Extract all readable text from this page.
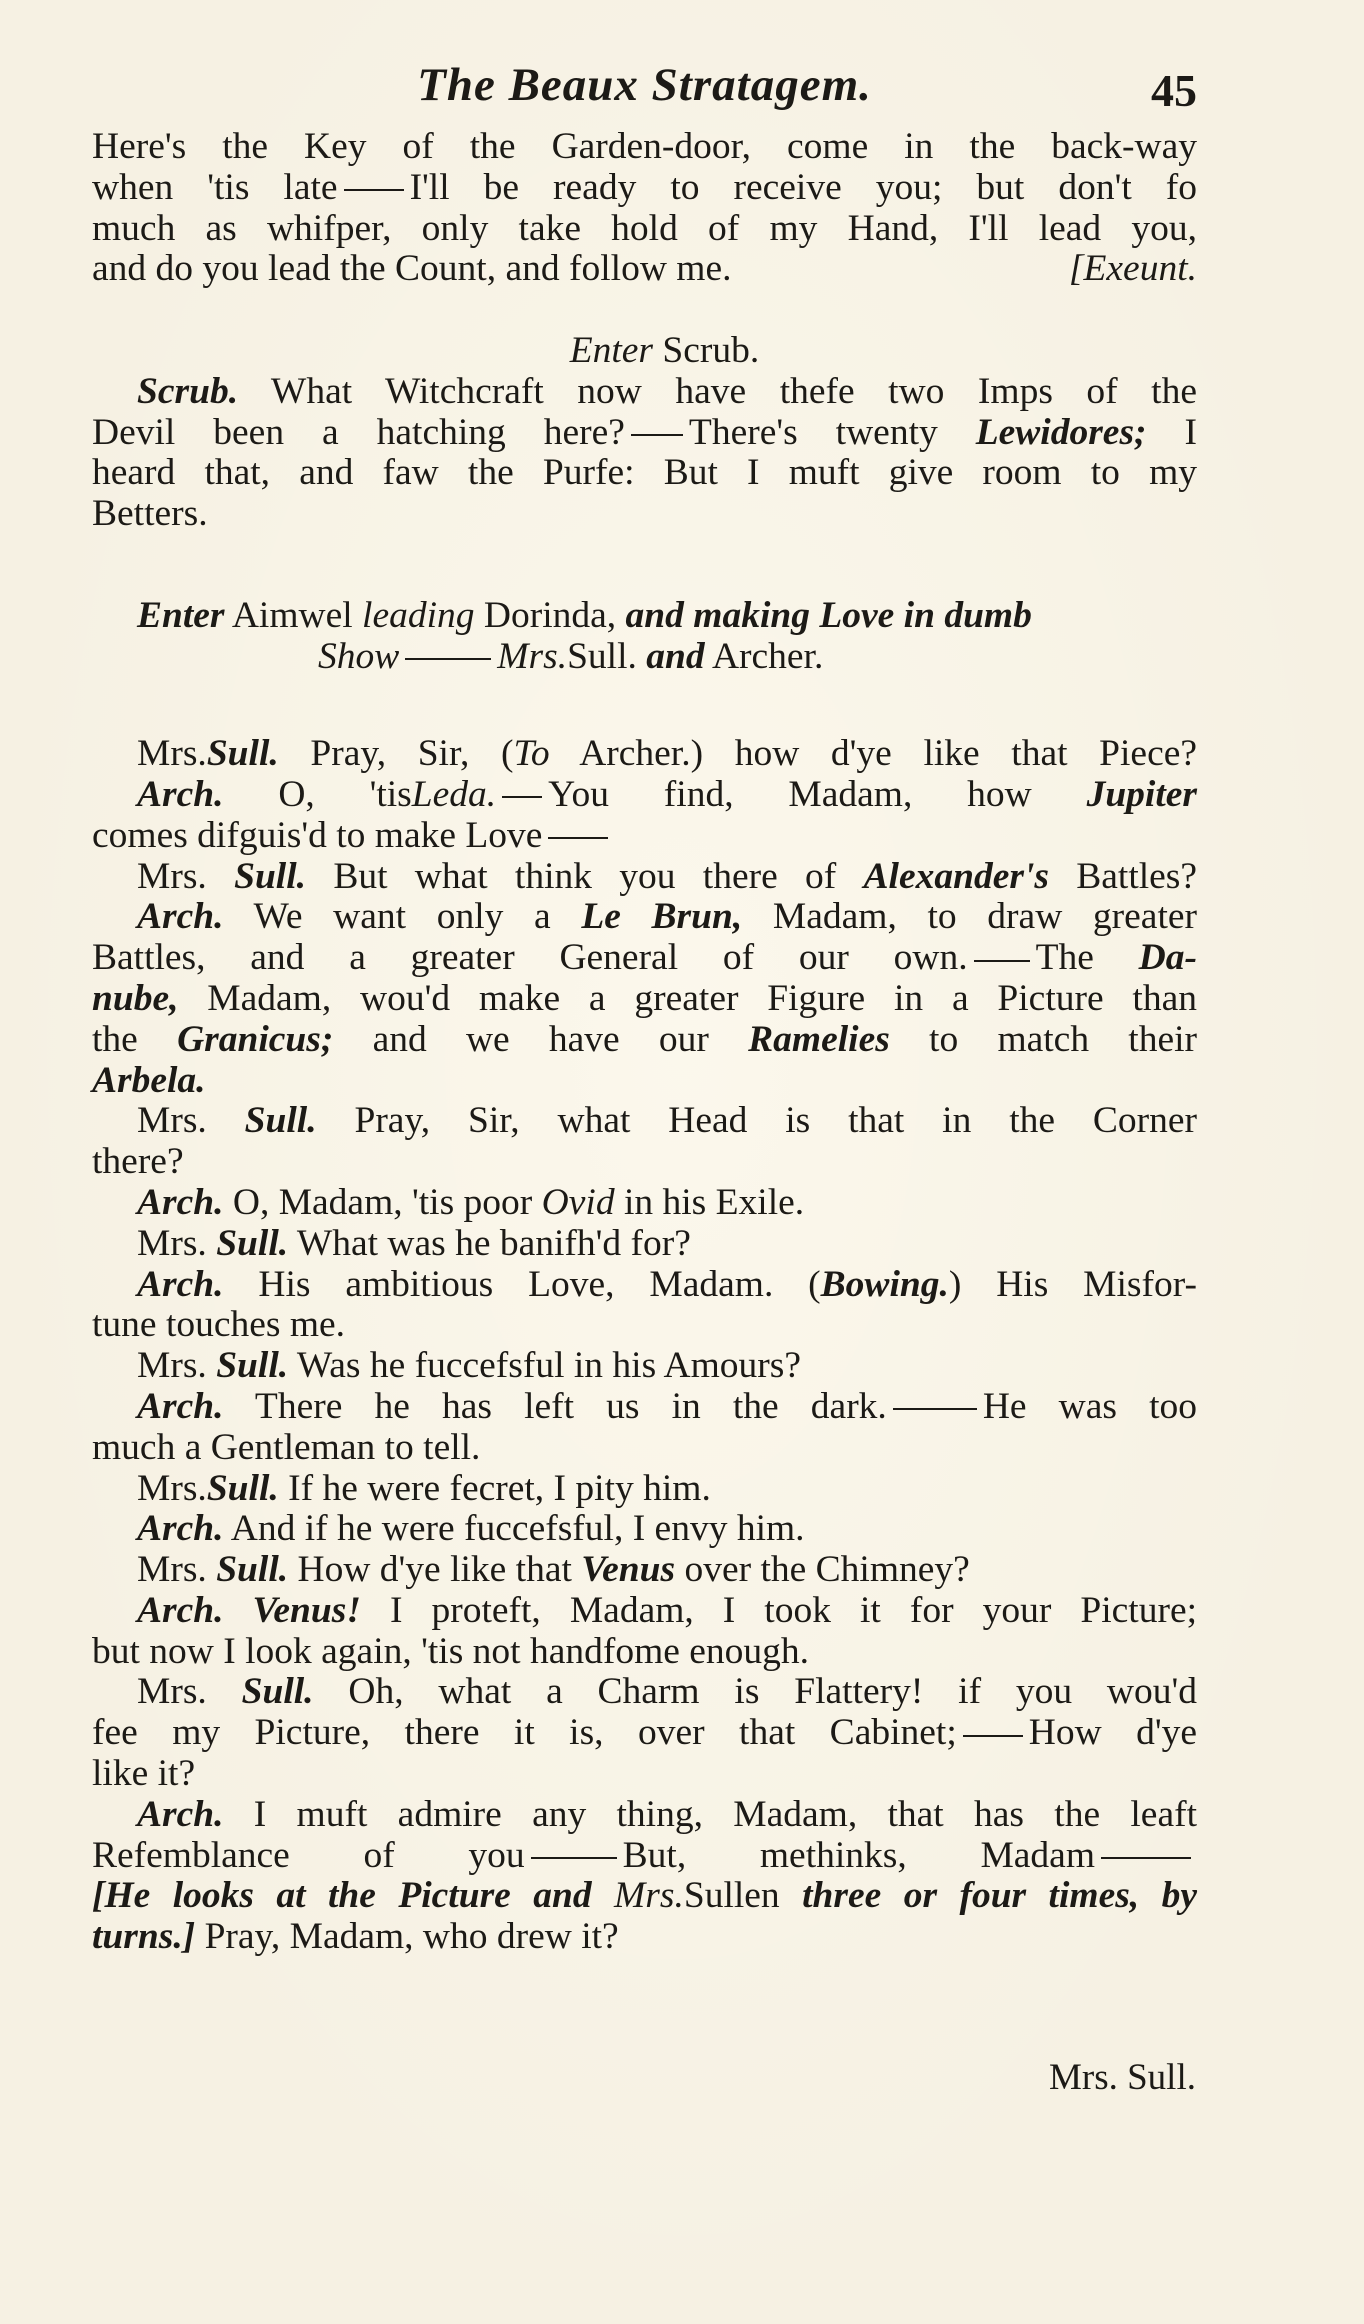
The Beaux Stratagem.	45
Here's the Key of the Garden-door, come in the back-way
when 'tis late I'll be ready to receive you; but don't fo
much as whifper, only take hold of my Hand, I'll lead you,
and do you lead the Count, and follow me.	[Exeunt.
Enter Scrub.
Scrub. What Witchcraft now have thefe two Imps of the
Devil been a hatching here? There's twenty Lewidores; I
heard that, and faw the Purfe: But I muft give room to my
Betters.
Enter Aimwel leading Dorinda, and making Love in dumb
Show	Mrs.Sull. and Archer.
Mrs.Sull. Pray, Sir, (To Archer.) how d'ye like that Piece?
Arch. O, 'tisLeda. You find, Madam, how Jupiter
comes difguis'd to make Love
Mrs. Sull. But what think you there of Alexander's Battles?
Arch. We want only a Le Brun, Madam, to draw greater
Battles, and a greater General of our own. The Da-
nube, Madam, wou'd make a greater Figure in a Picture than
the Granicus; and we have our Ramelies to match their
Arbela.
Mrs. Sull. Pray, Sir, what Head is that in the Corner
there?
Arch. O, Madam, 'tis poor Ovid in his Exile.
Mrs. Sull. What was he banifh'd for?
Arch. His ambitious Love, Madam. (Bowing.) His Misfor-
tune touches me.
Mrs. Sull. Was he fuccefsful in his Amours?
Arch. There he has left us in the dark.	He was too
much a Gentleman to tell.
Mrs.Sull. If he were fecret, I pity him.
Arch. And if he were fuccefsful, I envy him.
Mrs. Sull. How d'ye like that Venus over the Chimney?
Arch. Venus! I proteft, Madam, I took it for your Picture;
but now I look again, 'tis not handfome enough.
Mrs. Sull. Oh, what a Charm is Flattery! if you wou'd
fee my Picture, there it is, over that Cabinet; How d'ye
like it?
Arch. I muft admire any thing, Madam, that has the leaft
Refemblance of you	But, methinks, Madam
[He looks at the Picture and Mrs.Sullen three or four times, by
turns.] Pray, Madam, who drew it?
Mrs. Sull.
